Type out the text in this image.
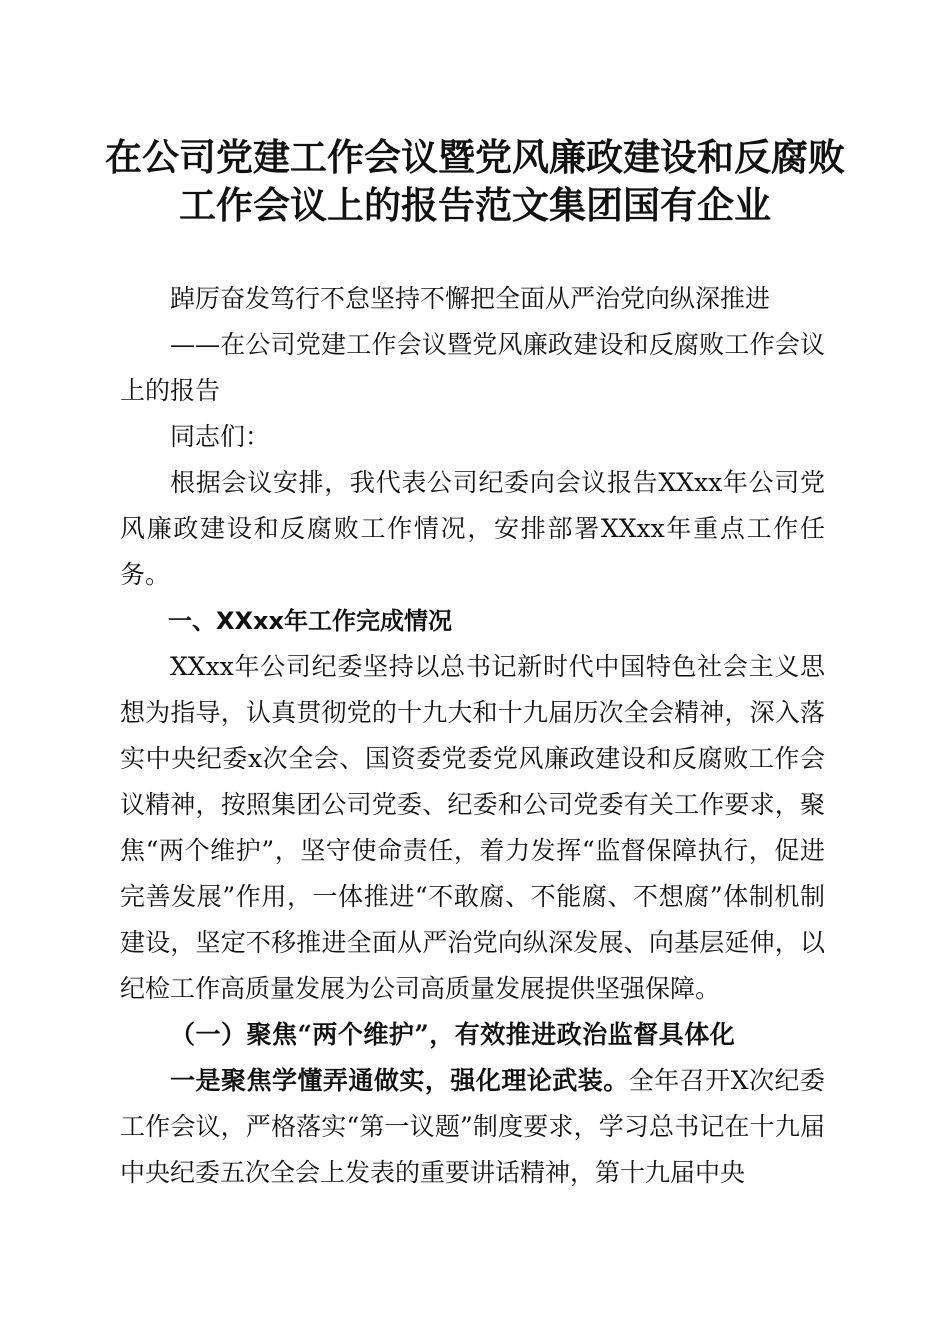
在公司党建工作会议暨党风廉政建设和反腐败
工作会议上的报告范文集团国有企业

踔厉奋发笃行不怠坚持不懈把全面从严治党向纵深推进

——在公司党建工作会议暨党风廉政建设和反腐败工作会议上的报告

同志们：

根据会议安排，我代表公司纪委向会议报告XXxx年公司党风廉政建设和反腐败工作情况，安排部署XXxx年重点工作任务。

一、XXxx年工作完成情况

XXxx年公司纪委坚持以总书记新时代中国特色社会主义思想为指导，认真贯彻党的十九大和十九届历次全会精神，深入落实中央纪委x次全会、国资委党委党风廉政建设和反腐败工作会议精神，按照集团公司党委、纪委和公司党委有关工作要求，聚焦“两个维护”，坚守使命责任，着力发挥“监督保障执行，促进完善发展”作用，一体推进“不敢腐、不能腐、不想腐”体制机制建设，坚定不移推进全面从严治党向纵深发展、向基层延伸，以纪检工作高质量发展为公司高质量发展提供坚强保障。

（一）聚焦“两个维护”，有效推进政治监督具体化

一是聚焦学懂弄通做实，强化理论武装。全年召开X次纪委工作会议，严格落实“第一议题”制度要求，学习总书记在十九届中央纪委五次全会上发表的重要讲话精神，第十九届中央
